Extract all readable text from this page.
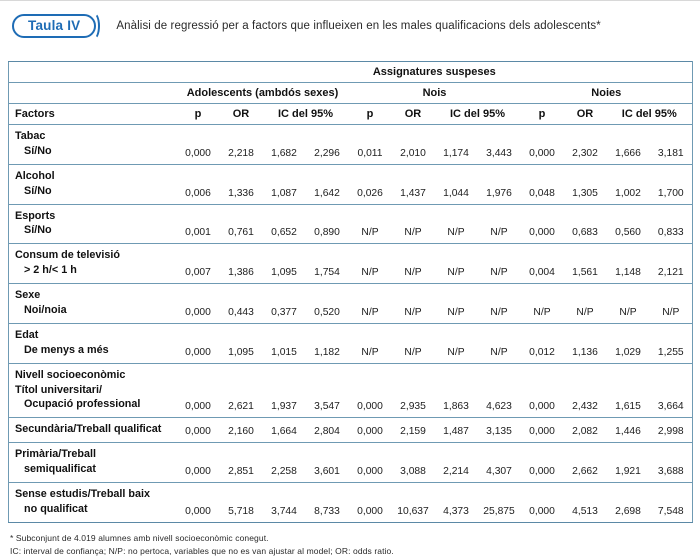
Taula IV	Anàlisi de regressió per a factors que influeixen en les males qualificacions dels adolescents*
	Assignatures suspeses											
	Adolescents (ambdós sexes)				Nois				Noies			
Factors	p	OR	IC del 95%		p	OR	IC del 95%		p	OR	IC del 95%	

Tabac
Sí/No	0,000	2,218	1,682	2,296	0,011	2,010	1,174	3,443	0,000	2,302	1,666	3,181

Alcohol
Sí/No	0,006	1,336	1,087	1,642	0,026	1,437	1,044	1,976	0,048	1,305	1,002	1,700

Esports
Sí/No	0,001	0,761	0,652	0,890	N/P	N/P	N/P	N/P	0,000	0,683	0,560	0,833

Consum de televisió
> 2 h/< 1 h	0,007	1,386	1,095	1,754	N/P	N/P	N/P	N/P	0,004	1,561	1,148	2,121

Sexe
Noi/noia	0,000	0,443	0,377	0,520	N/P	N/P	N/P	N/P	N/P	N/P	N/P	N/P

Edat
De menys a més	0,000	1,095	1,015	1,182	N/P	N/P	N/P	N/P	0,012	1,136	1,029	1,255

Nivell socioeconòmic
Títol universitari/
Ocupació professional	0,000	2,621	1,937	3,547	0,000	2,935	1,863	4,623	0,000	2,432	1,615	3,664

Secundària/Treball qualificat	0,000	2,160	1,664	2,804	0,000	2,159	1,487	3,135	0,000	2,082	1,446	2,998

Primària/Treball
semiqualificat	0,000	2,851	2,258	3,601	0,000	3,088	2,214	4,307	0,000	2,662	1,921	3,688

Sense estudis/Treball baix
no qualificat	0,000	5,718	3,744	8,733	0,000	10,637	4,373	25,875	0,000	4,513	2,698	7,548
* Subconjunt de 4.019 alumnes amb nivell socioeconòmic conegut.
IC: interval de confiança; N/P: no pertoca, variables que no es van ajustar al model; OR: odds ratio.
